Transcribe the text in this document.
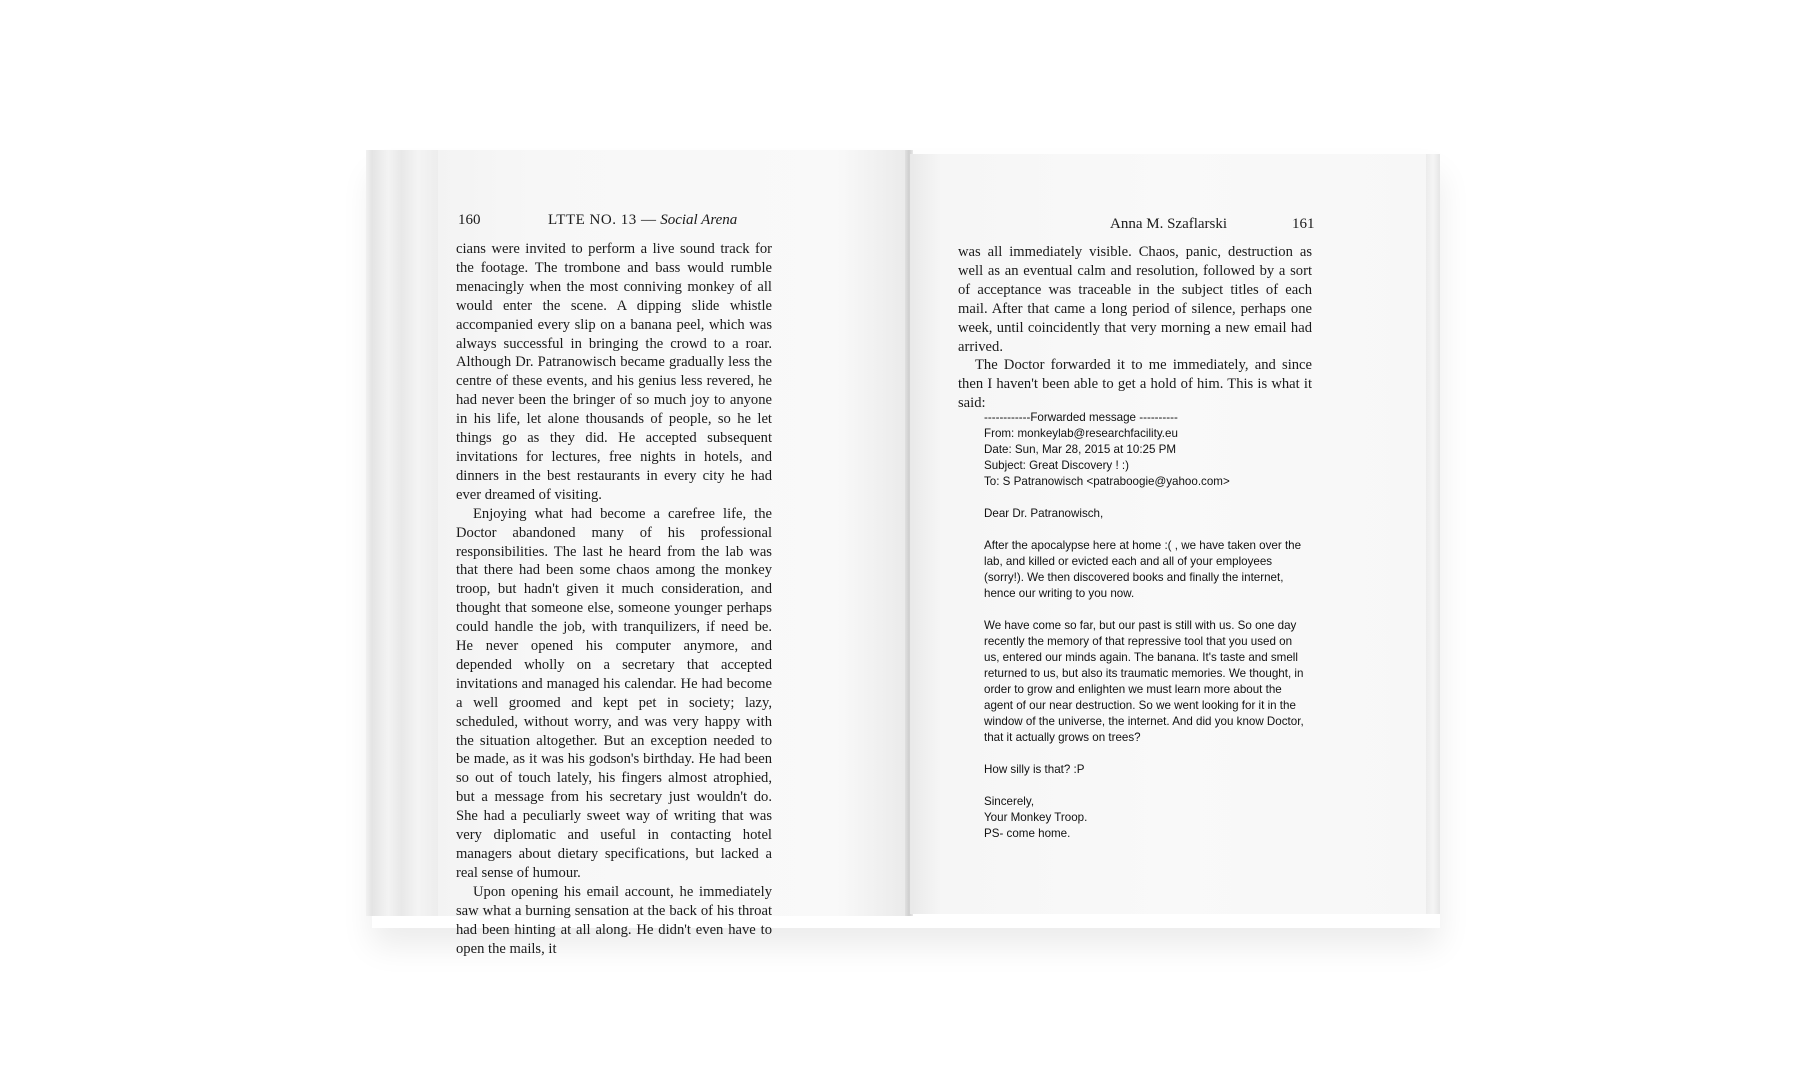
160	LTTE NO. 13 — Social Arena

cians were invited to perform a live sound track for the footage. The trombone and bass would rumble menacingly when the most conniving monkey of all would enter the scene. A dipping slide whistle accompanied every slip on a banana peel, which was always successful in bringing the crowd to a roar. Although Dr. Patranowisch became gradually less the centre of these events, and his genius less revered, he had never been the bringer of so much joy to anyone in his life, let alone thousands of people, so he let things go as they did. He accepted subsequent invitations for lectures, free nights in hotels, and dinners in the best restaurants in every city he had ever dreamed of visiting.

Enjoying what had become a carefree life, the Doctor abandoned many of his professional responsibilities. The last he heard from the lab was that there had been some chaos among the monkey troop, but hadn't given it much consideration, and thought that someone else, someone younger perhaps could handle the job, with tranquilizers, if need be. He never opened his computer anymore, and depended wholly on a secretary that accepted invitations and managed his calendar. He had become a well groomed and kept pet in society; lazy, scheduled, without worry, and was very happy with the situation altogether. But an exception needed to be made, as it was his godson's birthday. He had been so out of touch lately, his fingers almost atrophied, but a message from his secretary just wouldn't do. She had a peculiarly sweet way of writing that was very diplomatic and useful in contacting hotel managers about dietary specifications, but lacked a real sense of humour.

Upon opening his email account, he immediately saw what a burning sensation at the back of his throat had been hinting at all along. He didn't even have to open the mails, it

Anna M. Szaflarski	161

was all immediately visible. Chaos, panic, destruction as well as an eventual calm and resolution, followed by a sort of acceptance was traceable in the subject titles of each mail. After that came a long period of silence, perhaps one week, until coincidently that very morning a new email had arrived.

The Doctor forwarded it to me immediately, and since then I haven't been able to get a hold of him. This is what it said:

------------Forwarded message ----------
From: monkeylab@researchfacility.eu
Date: Sun, Mar 28, 2015 at 10:25 PM
Subject: Great Discovery ! :)
To: S Patranowisch <patraboogie@yahoo.com>
Dear Dr. Patranowisch,
After the apocalypse here at home :( , we have taken over the lab, and killed or evicted each and all of your employees (sorry!). We then discovered books and finally the internet, hence our writing to you now.
We have come so far, but our past is still with us. So one day recently the memory of that repressive tool that you used on us, entered our minds again. The banana. It's taste and smell returned to us, but also its traumatic memories. We thought, in order to grow and enlighten we must learn more about the agent of our near destruction. So we went looking for it in the window of the universe, the internet. And did you know Doctor, that it actually grows on trees?
How silly is that? :P
Sincerely,
Your Monkey Troop.
PS- come home.
